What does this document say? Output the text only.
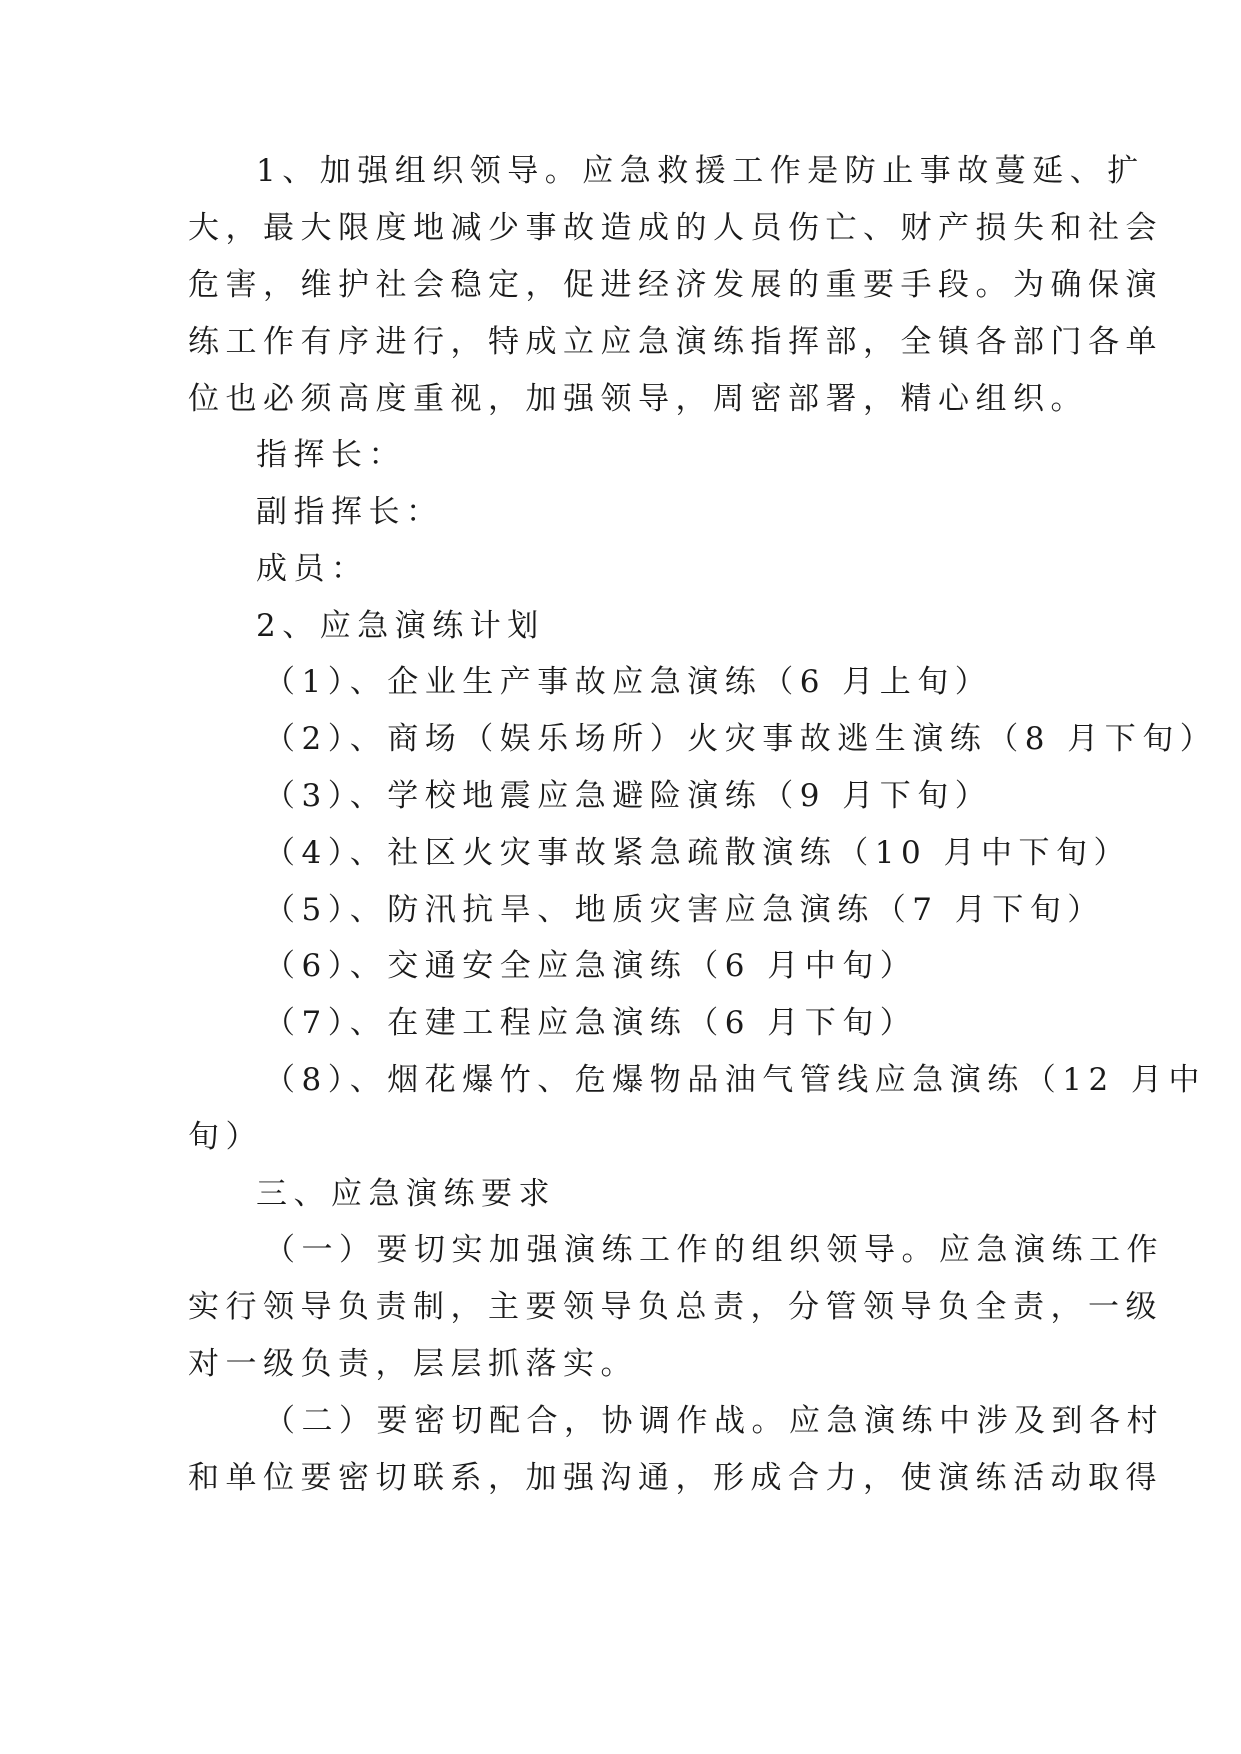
1、加强组织领导。应急救援工作是防止事故蔓延、扩
大，最大限度地减少事故造成的人员伤亡、财产损失和社会
危害，维护社会稳定，促进经济发展的重要手段。为确保演
练工作有序进行，特成立应急演练指挥部，全镇各部门各单
位也必须高度重视，加强领导，周密部署，精心组织。
指挥长：
副指挥长：
成员：
2、应急演练计划
（1）、企业生产事故应急演练（6 月上旬）
（2）、商场（娱乐场所）火灾事故逃生演练（8 月下旬）
（3）、学校地震应急避险演练（9 月下旬）
（4）、社区火灾事故紧急疏散演练（10 月中下旬）
（5）、防汛抗旱、地质灾害应急演练（7 月下旬）
（6）、交通安全应急演练（6 月中旬）
（7）、在建工程应急演练（6 月下旬）
（8）、烟花爆竹、危爆物品油气管线应急演练（12 月中
旬）
三、应急演练要求
（一）要切实加强演练工作的组织领导。应急演练工作
实行领导负责制，主要领导负总责，分管领导负全责，一级
对一级负责，层层抓落实。
（二）要密切配合，协调作战。应急演练中涉及到各村
和单位要密切联系，加强沟通，形成合力，使演练活动取得
